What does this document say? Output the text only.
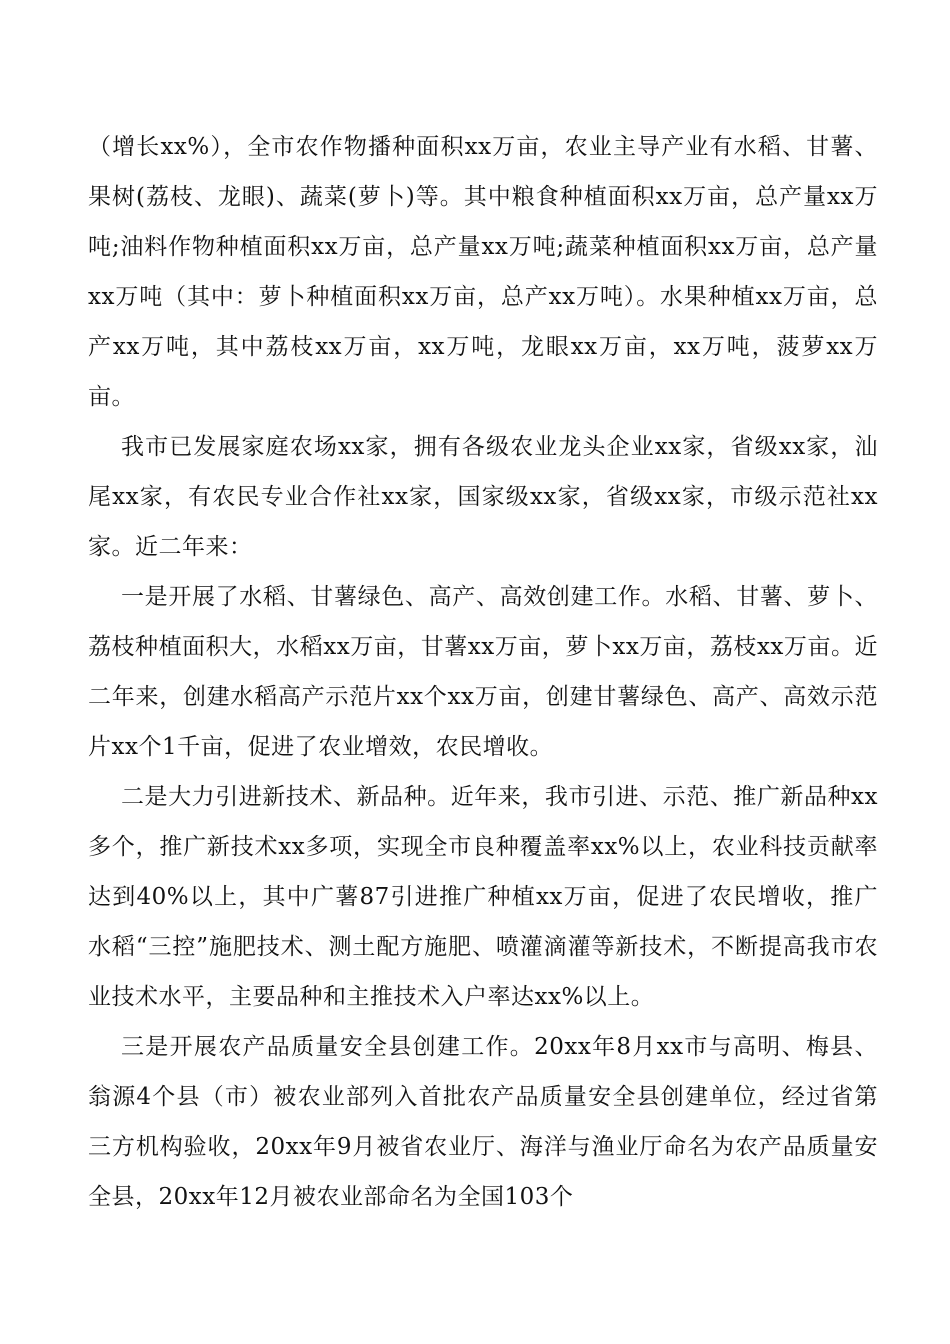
（增长xx%），全市农作物播种面积xx万亩，农业主导产业有水稻、甘薯、果树(荔枝、龙眼)、蔬菜(萝卜)等。其中粮食种植面积xx万亩，总产量xx万吨;油料作物种植面积xx万亩，总产量xx万吨;蔬菜种植面积xx万亩，总产量xx万吨（其中：萝卜种植面积xx万亩，总产xx万吨）。水果种植xx万亩，总产xx万吨，其中荔枝xx万亩，xx万吨，龙眼xx万亩，xx万吨，菠萝xx万亩。

我市已发展家庭农场xx家，拥有各级农业龙头企业xx家，省级xx家，汕尾xx家，有农民专业合作社xx家，国家级xx家，省级xx家，市级示范社xx家。近二年来：

一是开展了水稻、甘薯绿色、高产、高效创建工作。水稻、甘薯、萝卜、荔枝种植面积大，水稻xx万亩，甘薯xx万亩，萝卜xx万亩，荔枝xx万亩。近二年来，创建水稻高产示范片xx个xx万亩，创建甘薯绿色、高产、高效示范片xx个1千亩，促进了农业增效，农民增收。

二是大力引进新技术、新品种。近年来，我市引进、示范、推广新品种xx多个，推广新技术xx多项，实现全市良种覆盖率xx%以上，农业科技贡献率达到40%以上，其中广薯87引进推广种植xx万亩，促进了农民增收，推广水稻“三控”施肥技术、测土配方施肥、喷灌滴灌等新技术，不断提高我市农业技术水平，主要品种和主推技术入户率达xx%以上。

三是开展农产品质量安全县创建工作。20xx年8月xx市与高明、梅县、翁源4个县（市）被农业部列入首批农产品质量安全县创建单位，经过省第三方机构验收，20xx年9月被省农业厅、海洋与渔业厅命名为农产品质量安全县，20xx年12月被农业部命名为全国103个
